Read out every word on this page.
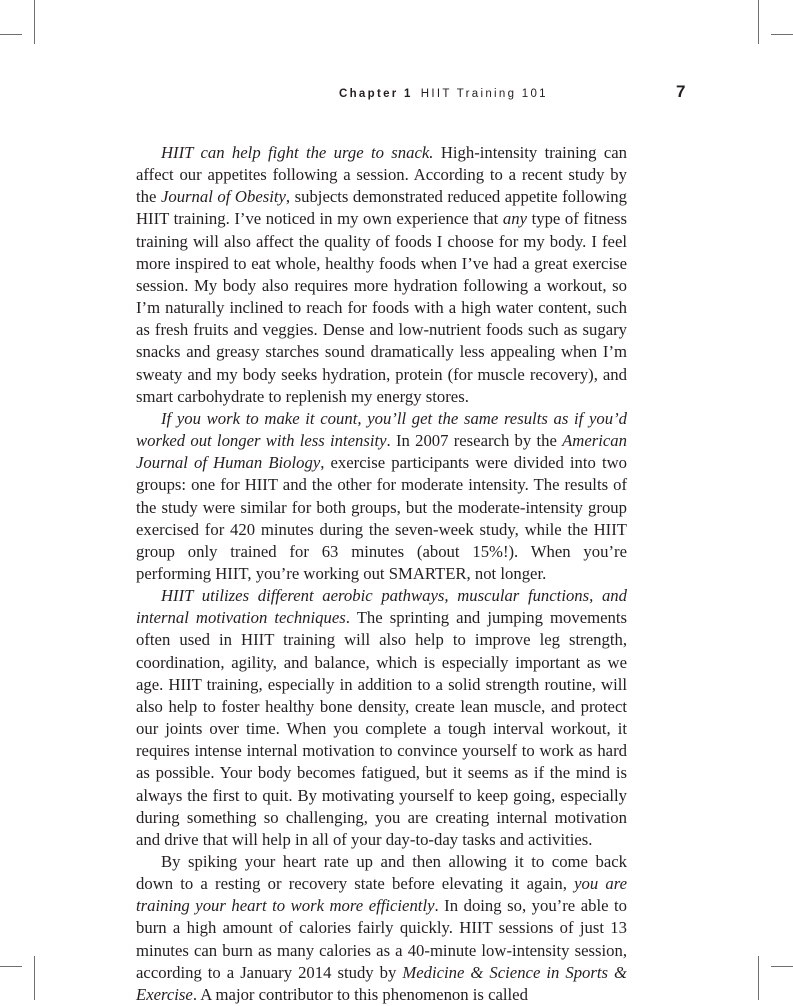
Chapter 1 HIIT Training 101	7

HIIT can help fight the urge to snack. High-intensity training can affect our appetites following a session. According to a recent study by the Journal of Obesity, subjects demonstrated reduced appetite following HIIT training. I’ve noticed in my own experience that any type of fitness training will also affect the quality of foods I choose for my body. I feel more inspired to eat whole, healthy foods when I’ve had a great exercise session. My body also requires more hydration following a workout, so I’m naturally inclined to reach for foods with a high water content, such as fresh fruits and veggies. Dense and low-nutrient foods such as sugary snacks and greasy starches sound dramatically less appealing when I’m sweaty and my body seeks hydration, protein (for muscle recovery), and smart carbohydrate to replenish my energy stores.

If you work to make it count, you’ll get the same results as if you’d worked out longer with less intensity. In 2007 research by the American Journal of Human Biology, exercise participants were divided into two groups: one for HIIT and the other for moderate intensity. The results of the study were similar for both groups, but the moderate-intensity group exercised for 420 minutes during the seven-week study, while the HIIT group only trained for 63 minutes (about 15%!). When you’re performing HIIT, you’re working out SMARTER, not longer.

HIIT utilizes different aerobic pathways, muscular functions, and internal motivation techniques. The sprinting and jumping movements often used in HIIT training will also help to improve leg strength, coordination, agility, and balance, which is especially important as we age. HIIT training, especially in addition to a solid strength routine, will also help to foster healthy bone density, create lean muscle, and protect our joints over time. When you complete a tough interval workout, it requires intense internal motivation to convince yourself to work as hard as possible. Your body becomes fatigued, but it seems as if the mind is always the first to quit. By motivating yourself to keep going, especially during something so challenging, you are creating internal motivation and drive that will help in all of your day-to-day tasks and activities.

By spiking your heart rate up and then allowing it to come back down to a resting or recovery state before elevating it again, you are training your heart to work more efficiently. In doing so, you’re able to burn a high amount of calories fairly quickly. HIIT sessions of just 13 minutes can burn as many calories as a 40-minute low-intensity session, according to a January 2014 study by Medicine & Science in Sports & Exercise. A major contributor to this phenomenon is called
